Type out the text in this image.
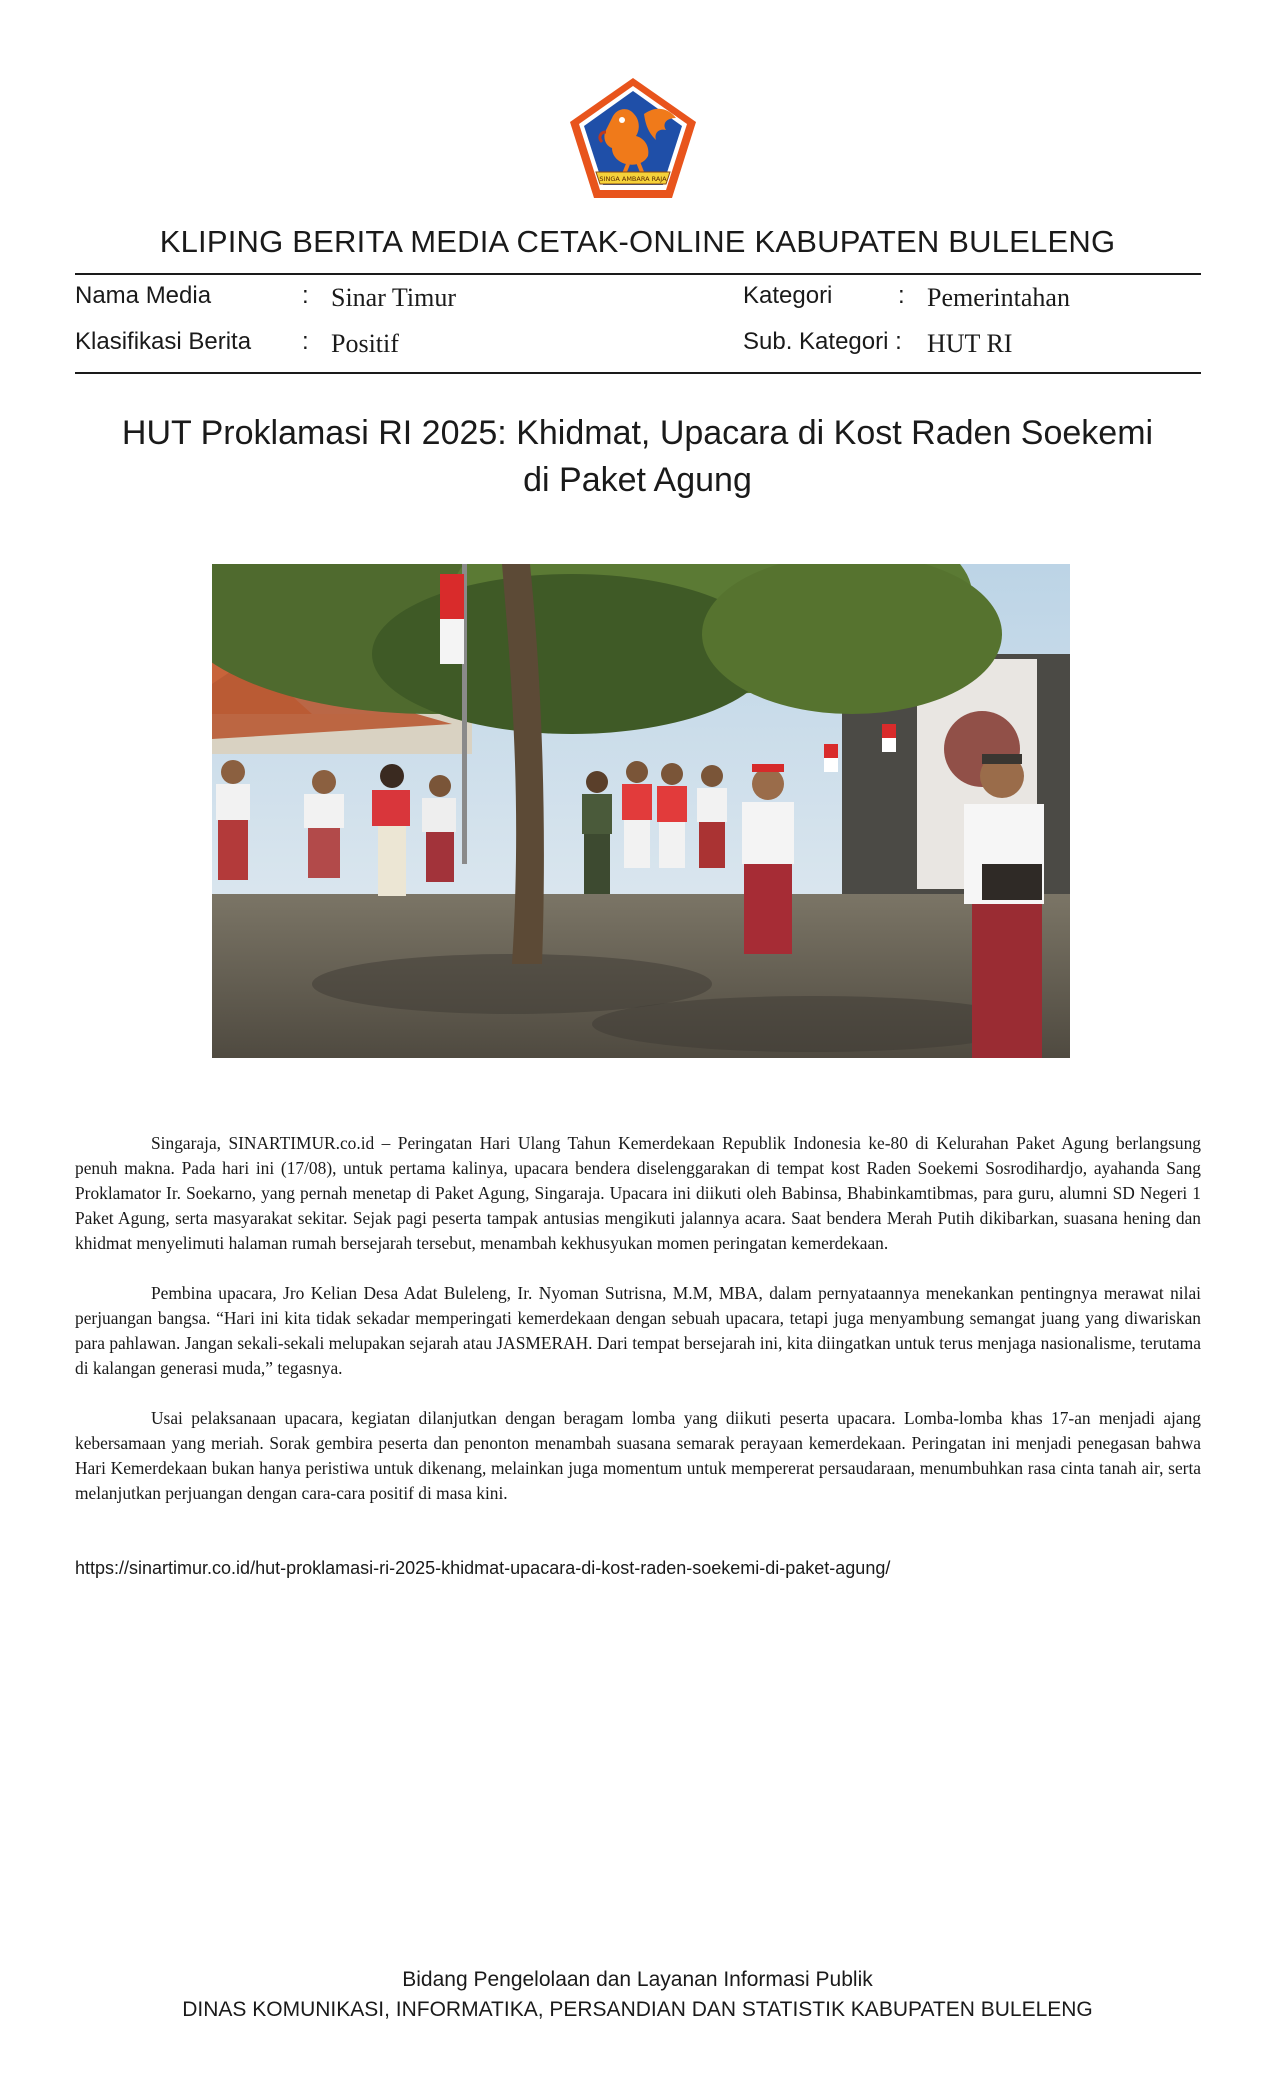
SINGA AMBARA RAJA
KLIPING BERITA MEDIA CETAK-ONLINE KABUPATEN BULELENG
Nama Media	: Sinar Timur	Kategori	: Pemerintahan
Klasifikasi Berita : Positif	Sub. Kategori : HUT RI
HUT Proklamasi RI 2025: Khidmat, Upacara di Kost Raden Soekemi
di Paket Agung

Singaraja, SINARTIMUR.co.id – Peringatan Hari Ulang Tahun Kemerdekaan Republik Indonesia ke-80 di Kelurahan Paket Agung berlangsung penuh makna. Pada hari ini (17/08), untuk pertama kalinya, upacara bendera diselenggarakan di tempat kost Raden Soekemi Sosrodihardjo, ayahanda Sang Proklamator Ir. Soekarno, yang pernah menetap di Paket Agung, Singaraja. Upacara ini diikuti oleh Babinsa, Bhabinkamtibmas, para guru, alumni SD Negeri 1 Paket Agung, serta masyarakat sekitar. Sejak pagi peserta tampak antusias mengikuti jalannya acara. Saat bendera Merah Putih dikibarkan, suasana hening dan khidmat menyelimuti halaman rumah bersejarah tersebut, menambah kekhusyukan momen peringatan kemerdekaan.

Pembina upacara, Jro Kelian Desa Adat Buleleng, Ir. Nyoman Sutrisna, M.M, MBA, dalam pernyataannya menekankan pentingnya merawat nilai perjuangan bangsa. “Hari ini kita tidak sekadar memperingati kemerdekaan dengan sebuah upacara, tetapi juga menyambung semangat juang yang diwariskan para pahlawan. Jangan sekali-sekali melupakan sejarah atau JASMERAH. Dari tempat bersejarah ini, kita diingatkan untuk terus menjaga nasionalisme, terutama di kalangan generasi muda,” tegasnya.

Usai pelaksanaan upacara, kegiatan dilanjutkan dengan beragam lomba yang diikuti peserta upacara. Lomba-lomba khas 17-an menjadi ajang kebersamaan yang meriah. Sorak gembira peserta dan penonton menambah suasana semarak perayaan kemerdekaan. Peringatan ini menjadi penegasan bahwa Hari Kemerdekaan bukan hanya peristiwa untuk dikenang, melainkan juga momentum untuk mempererat persaudaraan, menumbuhkan rasa cinta tanah air, serta melanjutkan perjuangan dengan cara-cara positif di masa kini.

https://sinartimur.co.id/hut-proklamasi-ri-2025-khidmat-upacara-di-kost-raden-soekemi-di-paket-agung/
Bidang Pengelolaan dan Layanan Informasi Publik
DINAS KOMUNIKASI, INFORMATIKA, PERSANDIAN DAN STATISTIK KABUPATEN BULELENG
